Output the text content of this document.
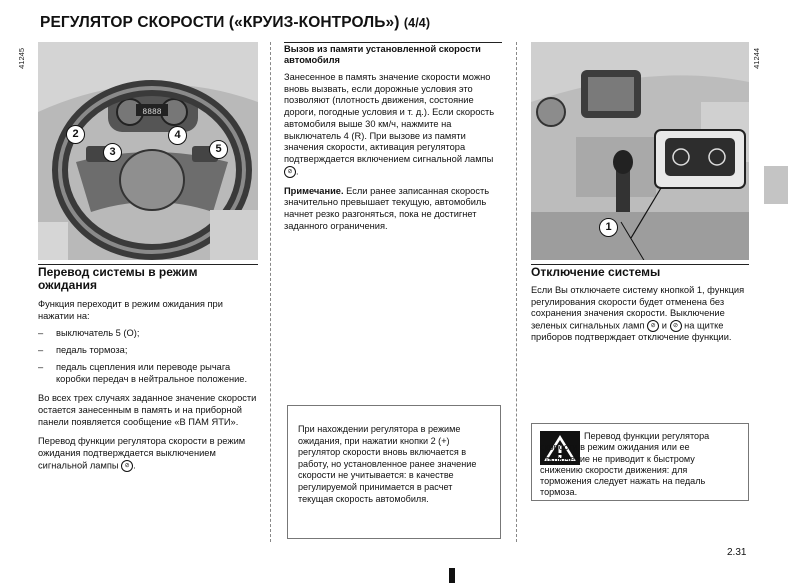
РЕГУЛЯТОР СКОРОСТИ («КРУИЗ-КОНТРОЛЬ») (4/4)
8888
2
3
4
5
41245
Перевод системы в режим ожидания
Функция переходит в режим ожидания при нажатии на:
– выключатель 5 (O);
– педаль тормоза;
– педаль сцепления или переводе рычага коробки передач в нейтральное положение.
Во всех трех случаях заданное значение скорости остается занесенным в память и на приборной панели появляется сообщение «В ПАМ ЯТИ».
Перевод функции регулятора скорости в режим ожидания подтверждается выключением сигнальной лампы ⊘ .
Вызов из памяти установленной скорости автомобиля
Занесенное в память значение скорости можно вновь вызвать, если дорожные условия это позволяют (плотность движения, состояние дороги, погодные условия и т. д.). Если скорость автомобиля выше 30 км/ч, нажмите на выключатель 4 (R). При вызове из памяти значения скорости, активация регулятора подтверждается включением сигнальной лампы ⊘ .
Примечание. Если ранее записанная скорость значительно превышает текущую, автомобиль начнет резко разгоняться, пока не достигнет заданного ограничения.
При нахождении регулятора в режиме ожидания, при нажатии кнопки 2 (+) регулятор скорости вновь включается в работу, но установленное ранее значение скорости не учитывается: в качестве регулируемой принимается в расчет текущая скорость автомобиля.
1
41244
Отключение системы
Если Вы отключаете систему кнопкой 1, функция регулирования скорости будет отменена без сохранения значения скорости. Выключение зеленых сигнальных ламп ⊘ и ⊘ на щитке приборов подтверждает отключение функции.
Перевод функции регулятора скорости в режим ожидания или ее отключение не приводит к быстрому снижению скорости движения: для торможения следует нажать на педаль тормоза.
2.31
